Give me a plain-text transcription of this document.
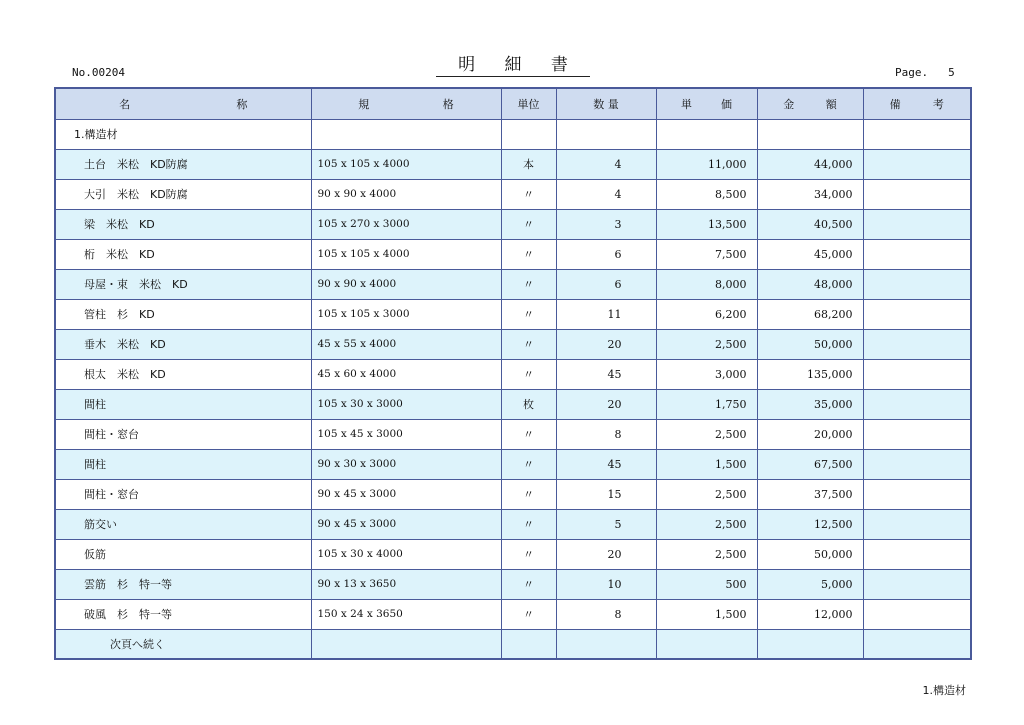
No.00204	明 細 書	Page. 5
名 称	規 格	単位	数 量	単 価	金 額	備 考

1.構造材						
土台　米松　KD防腐	105 x 105 x 4000	本	4	11,000	44,000	
大引　米松　KD防腐	90 x 90 x 4000	〃	4	8,500	34,000	
梁　米松　KD	105 x 270 x 3000	〃	3	13,500	40,500	
桁　米松　KD	105 x 105 x 4000	〃	6	7,500	45,000	
母屋・束　米松　KD	90 x 90 x 4000	〃	6	8,000	48,000	
管柱　杉　KD	105 x 105 x 3000	〃	11	6,200	68,200	
垂木　米松　KD	45 x 55 x 4000	〃	20	2,500	50,000	
根太　米松　KD	45 x 60 x 4000	〃	45	3,000	135,000	
間柱	105 x 30 x 3000	枚	20	1,750	35,000	
間柱・窓台	105 x 45 x 3000	〃	8	2,500	20,000	
間柱	90 x 30 x 3000	〃	45	1,500	67,500	
間柱・窓台	90 x 45 x 3000	〃	15	2,500	37,500	
筋交い	90 x 45 x 3000	〃	5	2,500	12,500	
仮筋	105 x 30 x 4000	〃	20	2,500	50,000	
雲筋　杉　特一等	90 x 13 x 3650	〃	10	500	5,000	
破風　杉　特一等	150 x 24 x 3650	〃	8	1,500	12,000	
次頁へ続く						
1.構造材
